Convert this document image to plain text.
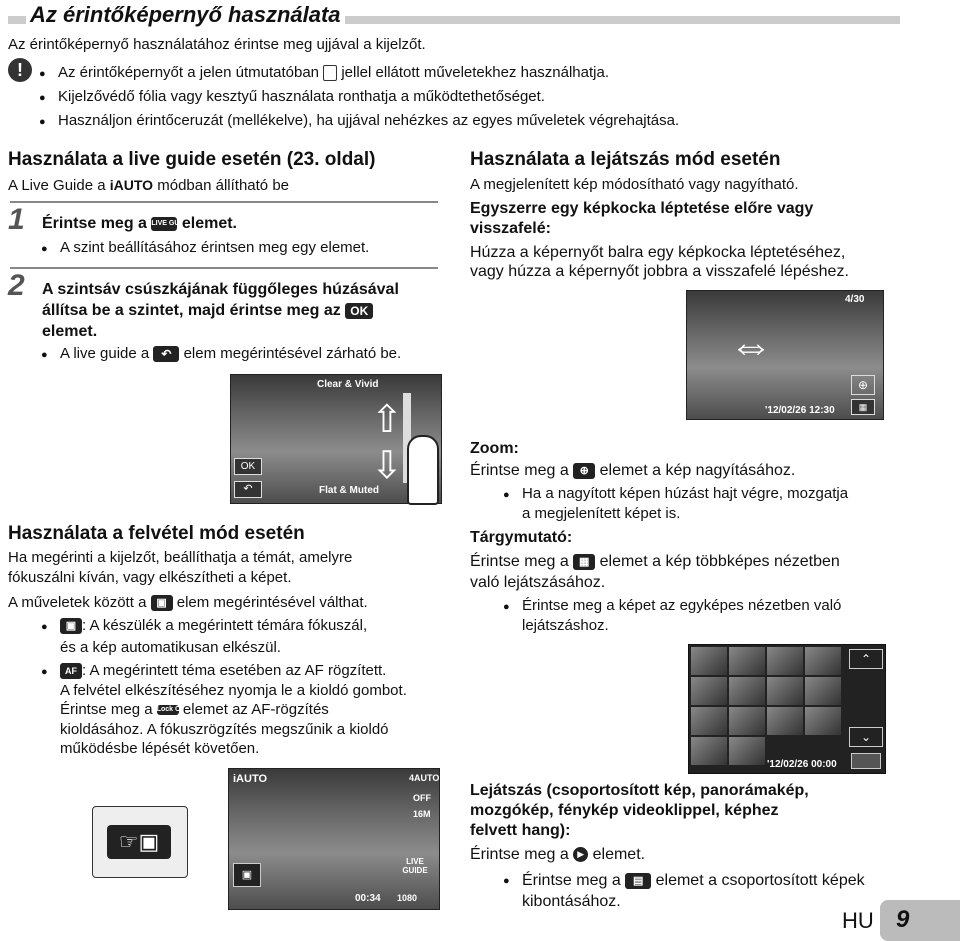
Az érintőképernyő használata
Az érintőképernyő használatához érintse meg ujjával a kijelzőt.
!
●	Az érintőképernyőt a jelen útmutatóban jellel ellátott műveletekhez használhatja.
● Kijelzővédő fólia vagy kesztyű használata ronthatja a működtethetőséget.
● Használjon érintőceruzát (mellékelve), ha ujjával nehézkes az egyes műveletek végrehajtása.
Használata a live guide esetén (23. oldal)
A Live Guide a iAUTO módban állítható be
1 Érintse meg a LIVE GUIDE elemet.
● A szint beállításához érintsen meg egy elemet.
2 A szintsáv csúszkájának függőleges húzásával
állítsa be a szintet, majd érintse meg az OK
elemet.
● A live guide a ↶ elem megérintésével zárható be.
Clear & Vivid
Flat & Muted
OK
↶
⇧
⇩
Használata a felvétel mód esetén
Ha megérinti a kijelzőt, beállíthatja a témát, amelyre
fókuszálni kíván, vagy elkészítheti a képet.
A műveletek között a ▣ elem megérintésével válthat.
● ▣ : A készülék a megérintett témára fókuszál,
és a kép automatikusan elkészül.
● AF : A megérintett téma esetében az AF rögzített.
A felvétel elkészítéséhez nyomja le a kioldó gombot.
Érintse meg a Lock Off elemet az AF-rögzítés
kioldásához. A fókuszrögzítés megszűnik a kioldó
működésbe lépését követően.
☞▣
iAUTO	4AUTO
OFF
16M
LIVE GUIDE
00:34 1080
▣
Használata a lejátszás mód esetén
A megjelenített kép módosítható vagy nagyítható.
Egyszerre egy képkocka léptetése előre vagy
visszafelé:
Húzza a képernyőt balra egy képkocka léptetéséhez,
vagy húzza a képernyőt jobbra a visszafelé lépéshez.
4/30
'12/02/26 12:30
⇔
⊕
▦
Zoom:
Érintse meg a ⊕ elemet a kép nagyításához.
● Ha a nagyított képen húzást hajt végre, mozgatja
a megjelenített képet is.
Tárgymutató:
Érintse meg a ▦ elemet a kép többképes nézetben
való lejátszásához.
● Érintse meg a képet az egyképes nézetben való
lejátszáshoz.
⌃
⌄
'12/02/26 00:00
Lejátszás (csoportosított kép, panorámakép,
mozgókép, fénykép videoklippel, képhez
felvett hang):
Érintse meg a ▶ elemet.
● Érintse meg a ▤ elemet a csoportosított képek
kibontásához.
HU 9
